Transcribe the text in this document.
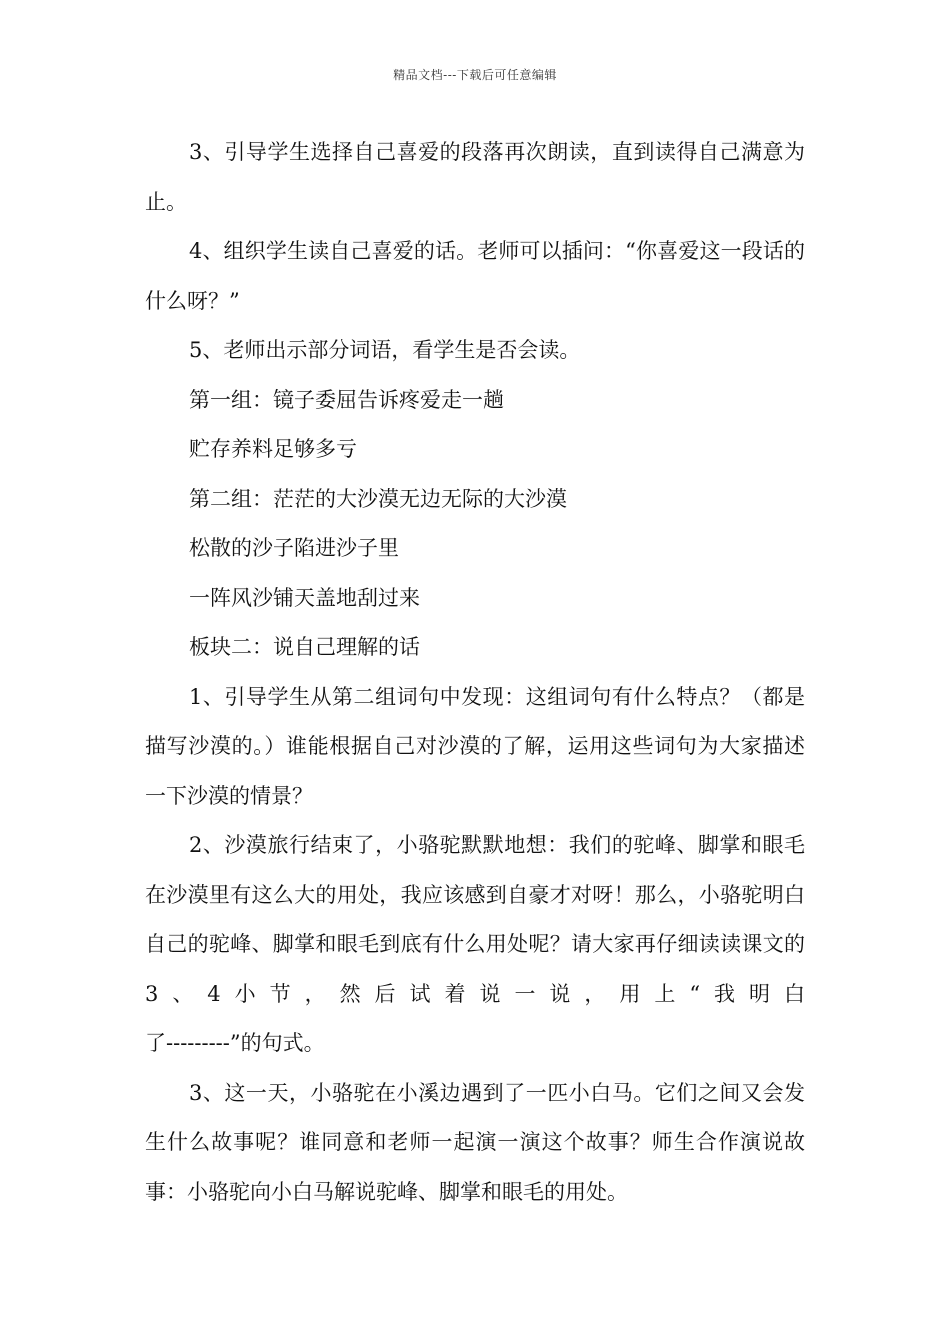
精品文档---下载后可任意编辑

3、引导学生选择自己喜爱的段落再次朗读，直到读得自己满意为止。

4、组织学生读自己喜爱的话。老师可以插问：“你喜爱这一段话的什么呀？”

5、老师出示部分词语，看学生是否会读。

第一组：镜子委屈告诉疼爱走一趟

贮存养料足够多亏

第二组：茫茫的大沙漠无边无际的大沙漠

松散的沙子陷进沙子里

一阵风沙铺天盖地刮过来

板块二：说自己理解的话

1、引导学生从第二组词句中发现：这组词句有什么特点？（都是描写沙漠的。）谁能根据自己对沙漠的了解，运用这些词句为大家描述一下沙漠的情景？

2、沙漠旅行结束了，小骆驼默默地想：我们的驼峰、脚掌和眼毛在沙漠里有这么大的用处，我应该感到自豪才对呀！那么，小骆驼明白自己的驼峰、脚掌和眼毛到底有什么用处呢？请大家再仔细读读课文的3、4小节，然后试着说一说，用上“我明白

了---------”的句式。

3、这一天，小骆驼在小溪边遇到了一匹小白马。它们之间又会发生什么故事呢？谁同意和老师一起演一演这个故事？师生合作演说故事：小骆驼向小白马解说驼峰、脚掌和眼毛的用处。
